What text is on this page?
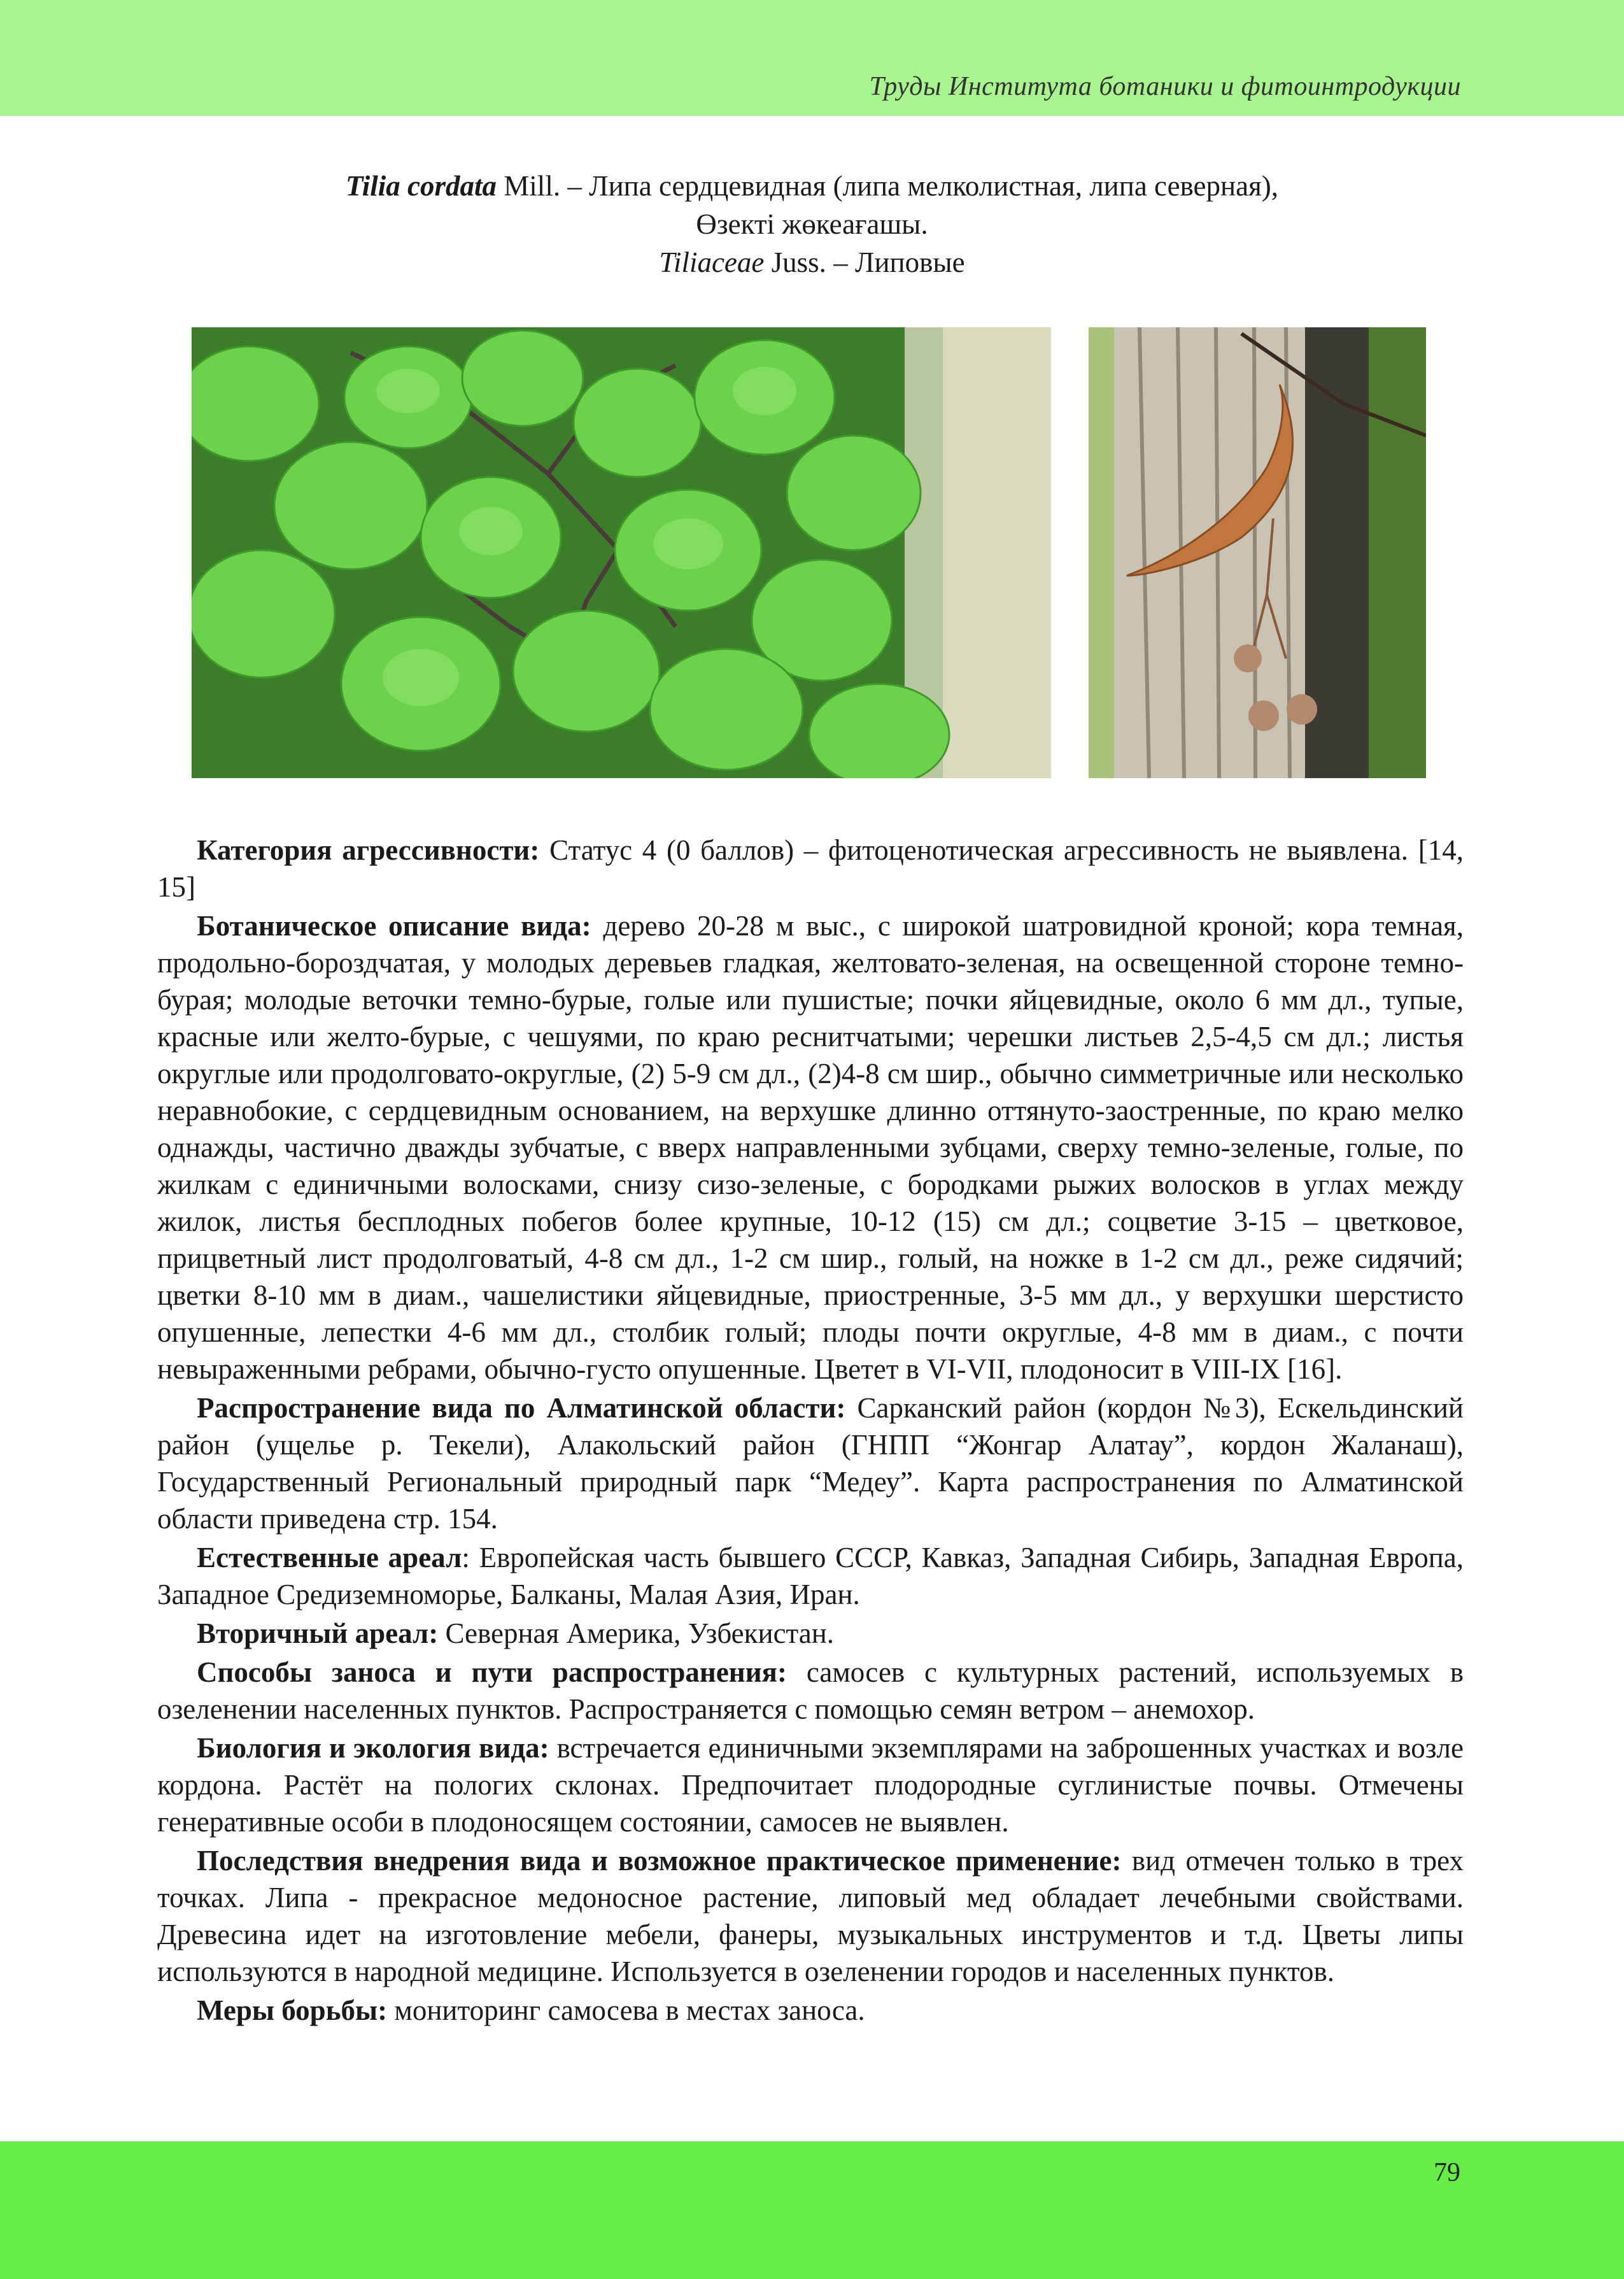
Труды Института ботаники и фитоинтродукции
Tilia cordata Mill. – Липа сердцевидная (липа мелколистная, липа северная),
Өзекті жөкеағашы.
Tiliaceae Juss. – Липовые

Категория агрессивности: Статус 4 (0 баллов) – фитоценотическая агрессивность не выявлена. [14, 15]

Ботаническое описание вида: дерево 20-28 м выс., с широкой шатровидной кроной; кора темная, продольно-бороздчатая, у молодых деревьев гладкая, желтовато-зеленая, на освещенной стороне темно-бурая; молодые веточки темно-бурые, голые или пушистые; почки яйцевидные, около 6 мм дл., тупые, красные или желто-бурые, с чешуями, по краю реснитчатыми; черешки листьев 2,5-4,5 см дл.; листья округлые или продолговато-округлые, (2) 5-9 см дл., (2)4-8 см шир., обычно симметричные или несколько неравнобокие, с сердцевидным основанием, на верхушке длинно оттянуто-заостренные, по краю мелко однажды, частично дважды зубчатые, с вверх направленными зубцами, сверху темно-зеленые, голые, по жилкам с единичными волосками, снизу сизо-зеленые, с бородками рыжих волосков в углах между жилок, листья бесплодных побегов более крупные, 10-12 (15) см дл.; соцветие 3-15 – цветковое, прицветный лист продолговатый, 4-8 см дл., 1-2 см шир., голый, на ножке в 1-2 см дл., реже сидячий; цветки 8-10 мм в диам., чашелистики яйцевидные, приостренные, 3-5 мм дл., у верхушки шерстисто опушенные, лепестки 4-6 мм дл., столбик голый; плоды почти округлые, 4-8 мм в диам., с почти невыраженными ребрами, обычно-густо опушенные. Цветет в VI-VII, плодоносит в VIII-IX [16].

Распространение вида по Алматинской области: Сарканский район (кордон №3), Ескельдинский район (ущелье р. Текели), Алакольский район (ГНПП “Жонгар Алатау”, кордон Жаланаш), Государственный Региональный природный парк “Медеу”. Карта распространения по Алматинской области приведена стр. 154.

Естественные ареал: Европейская часть бывшего СССР, Кавказ, Западная Сибирь, Западная Европа, Западное Средиземноморье, Балканы, Малая Азия, Иран.

Вторичный ареал: Северная Америка, Узбекистан.

Способы заноса и пути распространения: самосев с культурных растений, используемых в озеленении населенных пунктов. Распространяется с помощью семян ветром – анемохор.

Биология и экология вида: встречается единичными экземплярами на заброшенных участках и возле кордона. Растёт на пологих склонах. Предпочитает плодородные суглинистые почвы. Отмечены генеративные особи в плодоносящем состоянии, самосев не выявлен.

Последствия внедрения вида и возможное практическое применение: вид отмечен только в трех точках. Липа - прекрасное медоносное растение, липовый мед обладает лечебными свойствами. Древесина идет на изготовление мебели, фанеры, музыкальных инструментов и т.д. Цветы липы используются в народной медицине. Используется в озеленении городов и населенных пунктов.

Меры борьбы: мониторинг самосева в местах заноса.

79
